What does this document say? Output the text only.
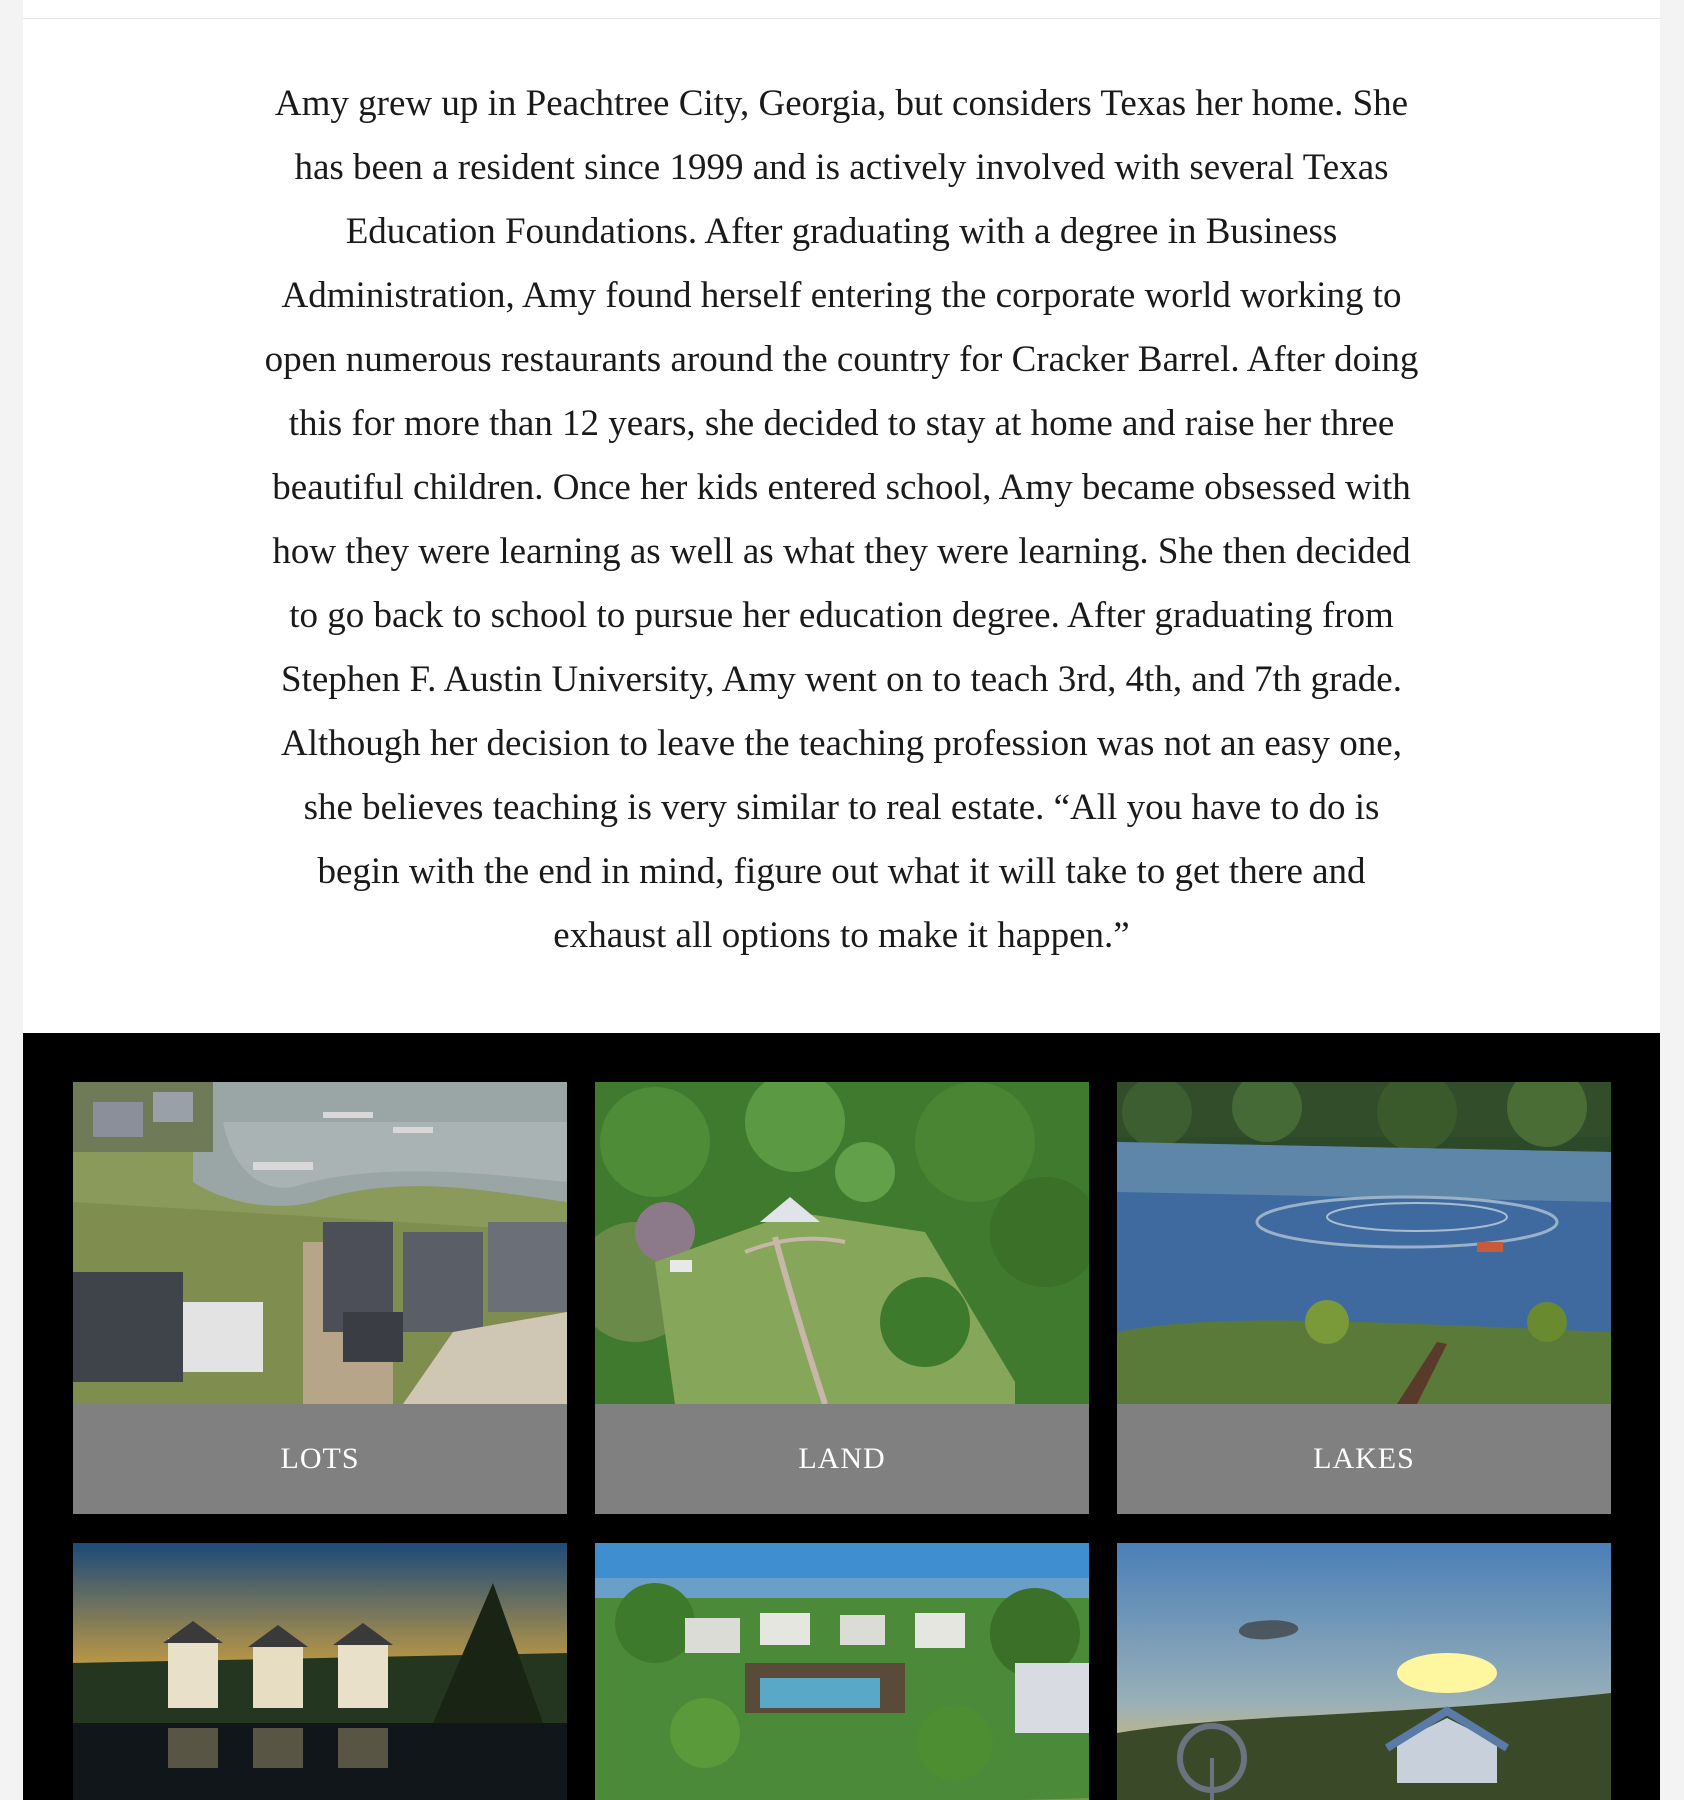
Amy grew up in Peachtree City, Georgia, but considers Texas her home. She has been a resident since 1999 and is actively involved with several Texas Education Foundations. After graduating with a degree in Business Administration, Amy found herself entering the corporate world working to open numerous restaurants around the country for Cracker Barrel. After doing this for more than 12 years, she decided to stay at home and raise her three beautiful children. Once her kids entered school, Amy became obsessed with how they were learning as well as what they were learning. She then decided to go back to school to pursue her education degree. After graduating from Stephen F. Austin University, Amy went on to teach 3rd, 4th, and 7th grade. Although her decision to leave the teaching profession was not an easy one, she believes teaching is very similar to real estate. “All you have to do is begin with the end in mind, figure out what it will take to get there and exhaust all options to make it happen.”

LOTS	LAND	LAKES
